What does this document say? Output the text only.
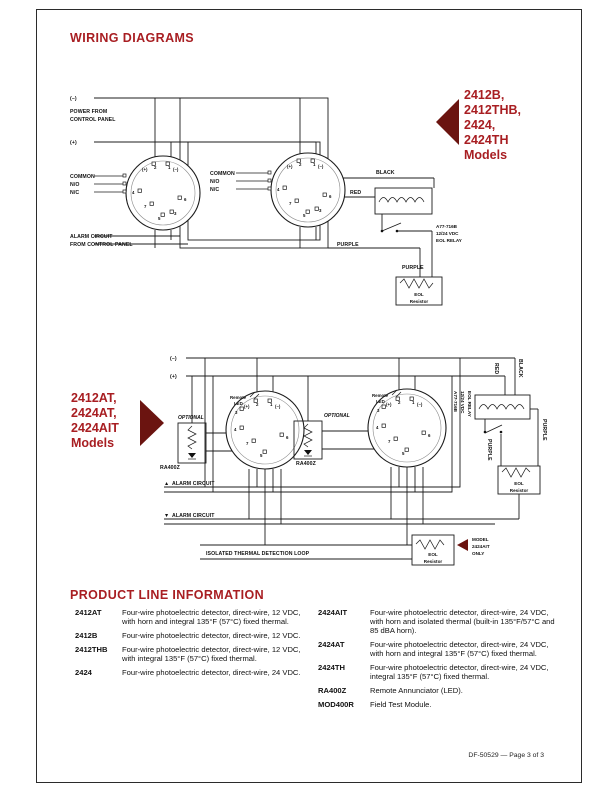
WIRING DIAGRAMS
(+) 2	1 (–)
4
7
5
3
6
(+) 2	1 (–)
4
7
5
3
6
(–)
POWER FROM
CONTROL PANEL
(+)
COMMON
N/O
N/C
COMMON
N/O
N/C
ALARM CIRCUIT
FROM CONTROL PANEL
BLACK
RED
A77-716B
12/24 VDC
EOL RELAY
PURPLE
PURPLE
EOL
Resistor
2412B,
2412THB,
2424,
2424TH
Models
RA400Z
RA400Z
(+) 2	1 (–)
3
4
7
5
6
(+) 2	1 (–)
3
4
7
5
6
Remote
LED
Remote
LED
(–)
(+)
OPTIONAL	OPTIONAL
▲ ALARM CIRCUIT
▼ ALARM CIRCUIT
ISOLATED THERMAL DETECTION LOOP
BLACK
RED
A77-716B 12/24 VDC EOL RELAY
PURPLE
PURPLE
EOL
Resistor
EOL
Resistor
MODEL
2424AIT
ONLY
2412AT,
2424AT,
2424AIT
Models
PRODUCT LINE INFORMATION
2412AT	Four-wire photoelectric detector, direct-wire, 12 VDC, with horn and integral 135°F (57°C) fixed thermal.
2412B	Four-wire photoelectric detector, direct-wire, 12 VDC.
2412THB	Four-wire photoelectric detector, direct-wire, 12 VDC, with integral 135°F (57°C) fixed thermal.
2424	Four-wire photoelectric detector, direct-wire, 24 VDC.
2424AIT	Four-wire photoelectric detector, direct-wire, 24 VDC, with horn and isolated thermal (built-in 135°F/57°C and 85 dBA horn).
2424AT	Four-wire photoelectric detector, direct-wire, 24 VDC, with horn and integral 135°F (57°C) fixed thermal.
2424TH	Four-wire photoelectric detector, direct-wire, 24 VDC, integral 135°F (57°C) fixed thermal.
RA400Z	Remote Annunciator (LED).
MOD400R	Field Test Module.
DF-50529 — Page 3 of 3
